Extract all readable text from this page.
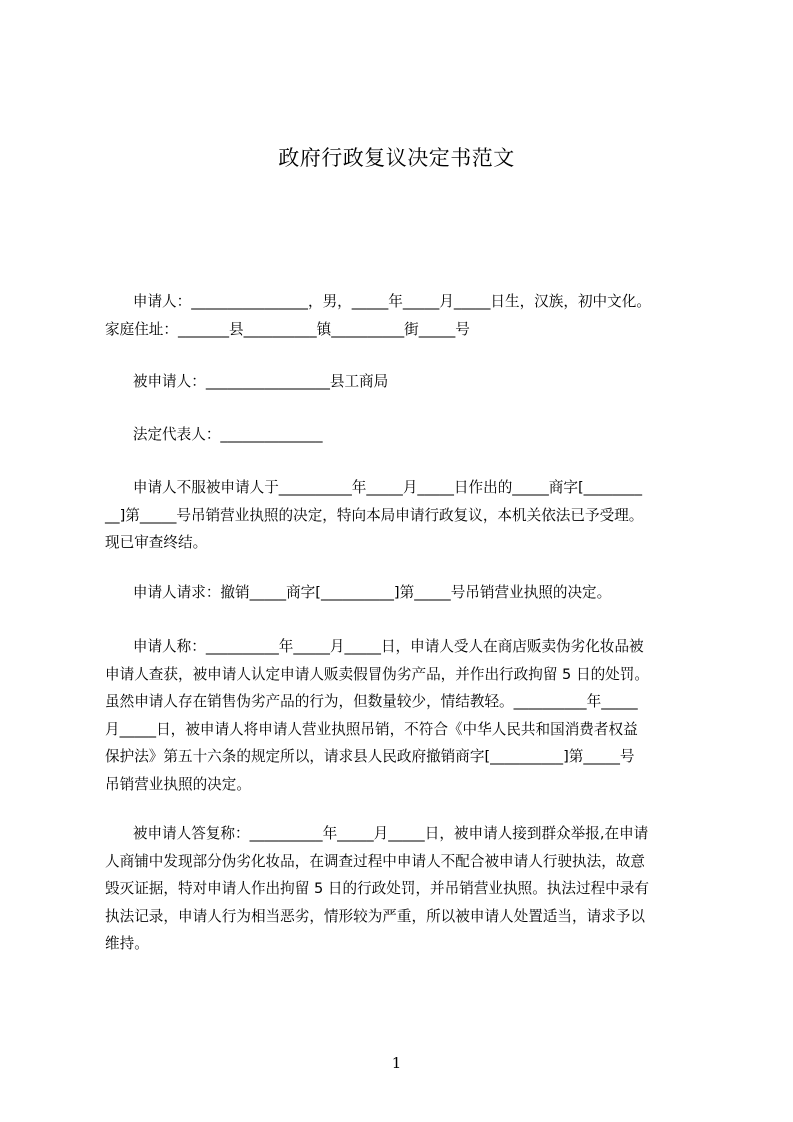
政府行政复议决定书范文

申请人：________________，男，_____年_____月_____日生，汉族，初中文化。
家庭住址：_______县__________镇__________街_____号

被申请人：_________________县工商局

法定代表人：______________

申请人不服被申请人于__________年_____月_____日作出的_____商字[________
__]第_____号吊销营业执照的决定，特向本局申请行政复议，本机关依法已予受理。
现已审查终结。

申请人请求：撤销_____商字[__________]第_____号吊销营业执照的决定。

申请人称：__________年_____月_____日，申请人受人在商店贩卖伪劣化妆品被
申请人查获，被申请人认定申请人贩卖假冒伪劣产品，并作出行政拘留 5 日的处罚。
虽然申请人存在销售伪劣产品的行为，但数量较少，情结教轻。__________年_____
月_____日，被申请人将申请人营业执照吊销，不符合《中华人民共和国消费者权益
保护法》第五十六条的规定所以，请求县人民政府撤销商字[__________]第_____号
吊销营业执照的决定。

被申请人答复称：__________年_____月_____日，被申请人接到群众举报,在申请
人商铺中发现部分伪劣化妆品，在调查过程中申请人不配合被申请人行驶执法，故意
毁灭证据，特对申请人作出拘留 5 日的行政处罚，并吊销营业执照。执法过程中录有
执法记录，申请人行为相当恶劣，情形较为严重，所以被申请人处置适当，请求予以
维持。

1
